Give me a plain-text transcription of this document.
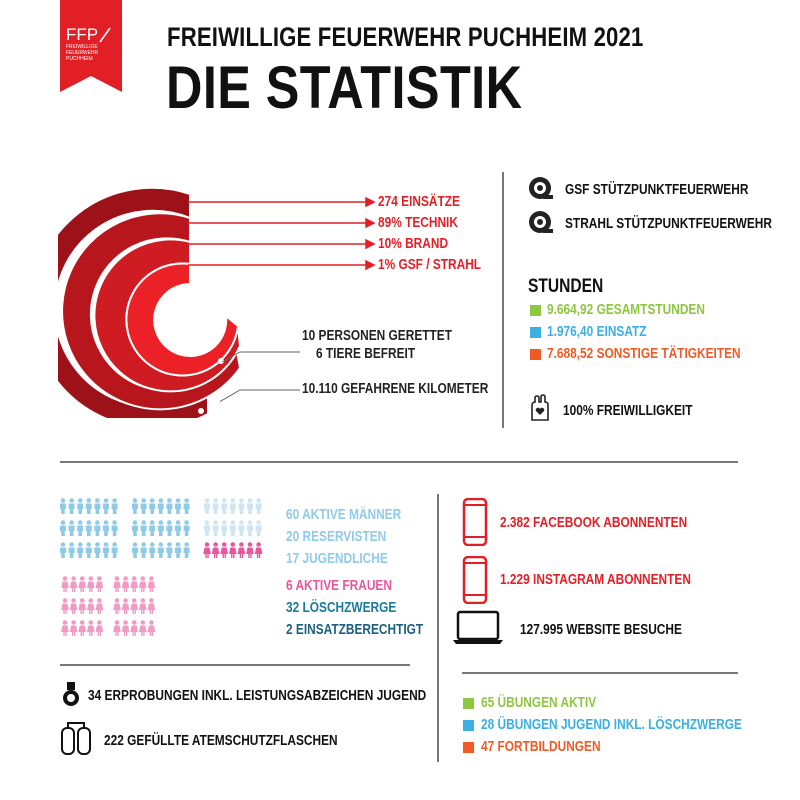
FFP
FREIWILLIGE
FEUERWEHR
PUCHHEIM
FREIWILLIGE FEUERWEHR PUCHHEIM 2021
DIE STATISTIK
274 EINSÄTZE
89% TECHNIK
10% BRAND
1% GSF / STRAHL
10 PERSONEN GERETTET
6 TIERE BEFREIT
10.110 GEFAHRENE KILOMETER
GSF STÜTZPUNKTFEUERWEHR
STRAHL STÜTZPUNKTFEUERWEHR
STUNDEN
9.664,92 GESAMTSTUNDEN
1.976,40 EINSATZ
7.688,52 SONSTIGE TÄTIGKEITEN
100% FREIWILLIGKEIT
60 AKTIVE MÄNNER
20 RESERVISTEN
17 JUGENDLICHE
6 AKTIVE FRAUEN
32 LÖSCHZWERGE
2 EINSATZBERECHTIGT
2.382 FACEBOOK ABONNENTEN
1.229 INSTAGRAM ABONNENTEN
127.995 WEBSITE BESUCHE
34 ERPROBUNGEN INKL. LEISTUNGSABZEICHEN JUGEND
222 GEFÜLLTE ATEMSCHUTZFLASCHEN
65 ÜBUNGEN AKTIV
28 ÜBUNGEN JUGEND INKL. LÖSCHZWERGE
47 FORTBILDUNGEN
